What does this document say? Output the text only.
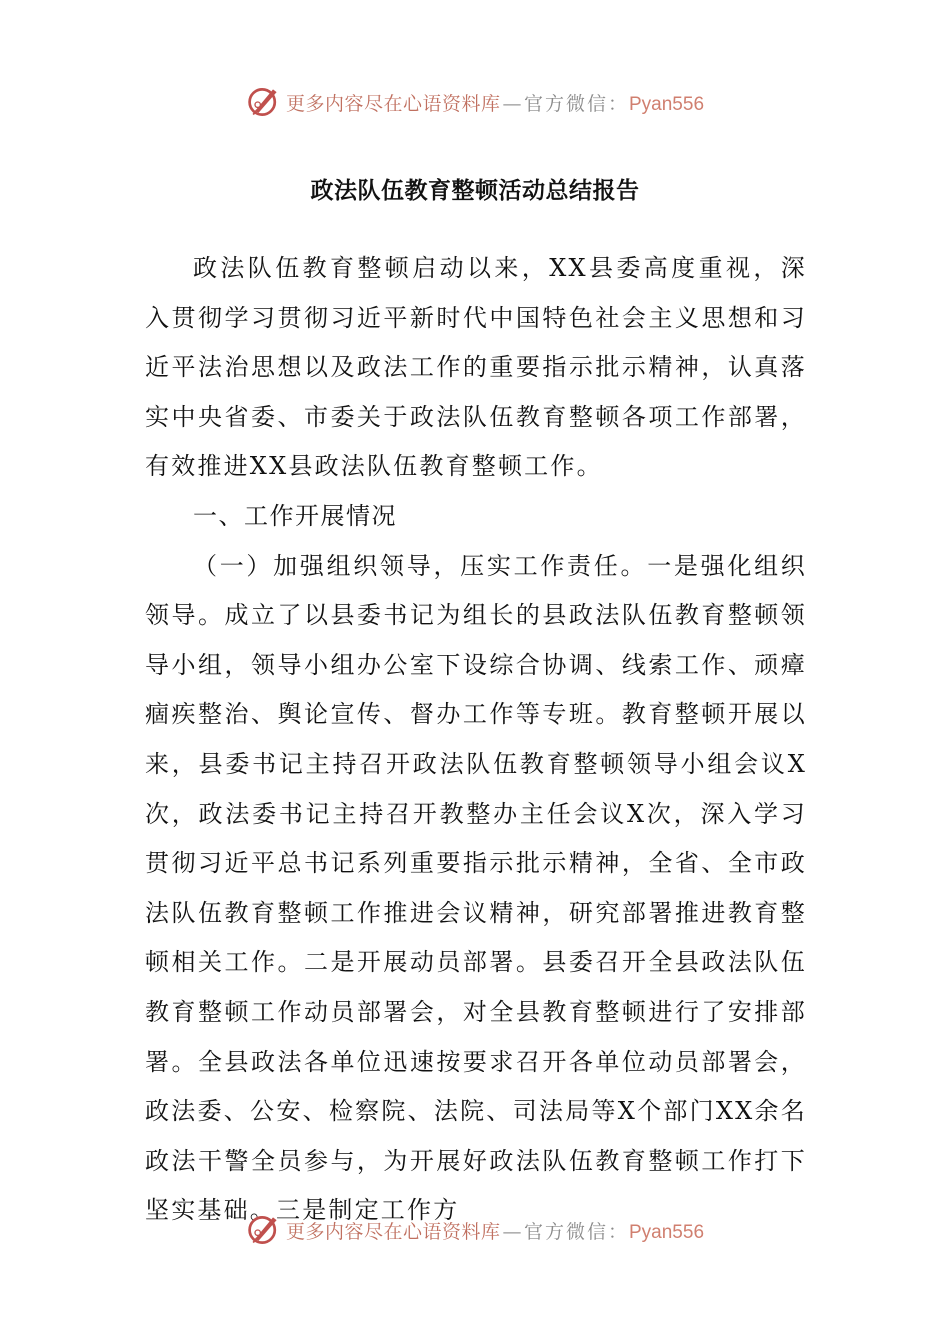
更多内容尽在心语资料库 — 官方微信：Pyan556
政法队伍教育整顿活动总结报告

政法队伍教育整顿启动以来，XX县委高度重视，深入贯彻学习贯彻习近平新时代中国特色社会主义思想和习近平法治思想以及政法工作的重要指示批示精神，认真落实中央省委、市委关于政法队伍教育整顿各项工作部署，有效推进XX县政法队伍教育整顿工作。

一、工作开展情况

（一）加强组织领导，压实工作责任。一是强化组织领导。成立了以县委书记为组长的县政法队伍教育整顿领导小组，领导小组办公室下设综合协调、线索工作、顽瘴痼疾整治、舆论宣传、督办工作等专班。教育整顿开展以来，县委书记主持召开政法队伍教育整顿领导小组会议X次，政法委书记主持召开教整办主任会议X次，深入学习贯彻习近平总书记系列重要指示批示精神，全省、全市政法队伍教育整顿工作推进会议精神，研究部署推进教育整顿相关工作。二是开展动员部署。县委召开全县政法队伍教育整顿工作动员部署会，对全县教育整顿进行了安排部署。全县政法各单位迅速按要求召开各单位动员部署会，政法委、公安、检察院、法院、司法局等X个部门XX余名政法干警全员参与，为开展好政法队伍教育整顿工作打下坚实基础。三是制定工作方

更多内容尽在心语资料库 — 官方微信：Pyan556
